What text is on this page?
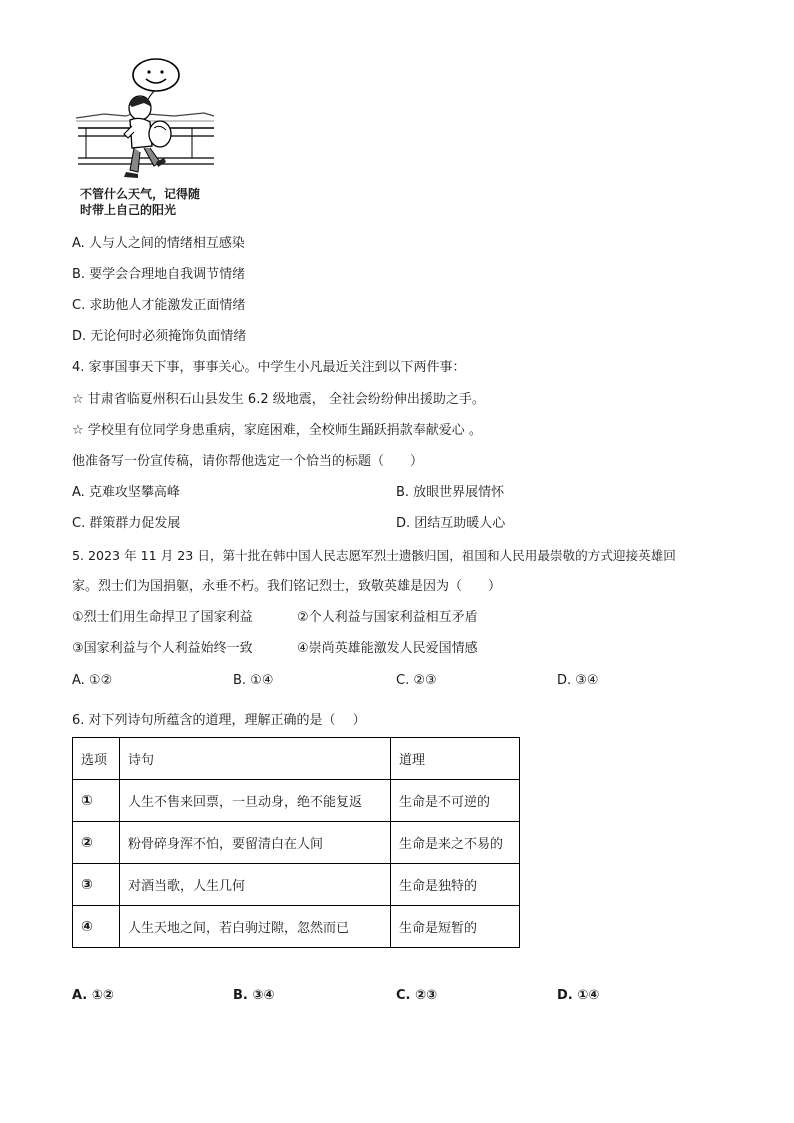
不管什么天气，记得随
时带上自己的阳光
A. 人与人之间的情绪相互感染
B. 要学会合理地自我调节情绪
C. 求助他人才能激发正面情绪
D. 无论何时必须掩饰负面情绪
4. 家事国事天下事，事事关心。中学生小凡最近关注到以下两件事：
☆ 甘肃省临夏州积石山县发生 6.2 级地震， 全社会纷纷伸出援助之手。
☆ 学校里有位同学身患重病，家庭困难，全校师生踊跃捐款奉献爱心 。
他准备写一份宣传稿，请你帮他选定一个恰当的标题（　　）
A. 克难攻坚攀高峰	B. 放眼世界展情怀
C. 群策群力促发展	D. 团结互助暖人心
5. 2023 年 11 月 23 日，第十批在韩中国人民志愿军烈士遗骸归国，祖国和人民用最崇敬的方式迎接英雄回
家。烈士们为国捐躯，永垂不朽。我们铭记烈士，致敬英雄是因为（　　）
①烈士们用生命捍卫了国家利益	②个人利益与国家利益相互矛盾
③国家利益与个人利益始终一致	④崇尚英雄能激发人民爱国情感
A. ①②	B. ①④	C. ②③	D. ③④
6. 对下列诗句所蕴含的道理，理解正确的是（　 ）
选项	诗句	道理
①	人生不售来回票，一旦动身，绝不能复返	生命是不可逆的
②	粉骨碎身浑不怕，要留清白在人间	生命是来之不易的
③	对酒当歌，人生几何	生命是独特的
④	人生天地之间，若白驹过隙，忽然而已	生命是短暂的
A. ①②	B. ③④	C. ②③	D. ①④
